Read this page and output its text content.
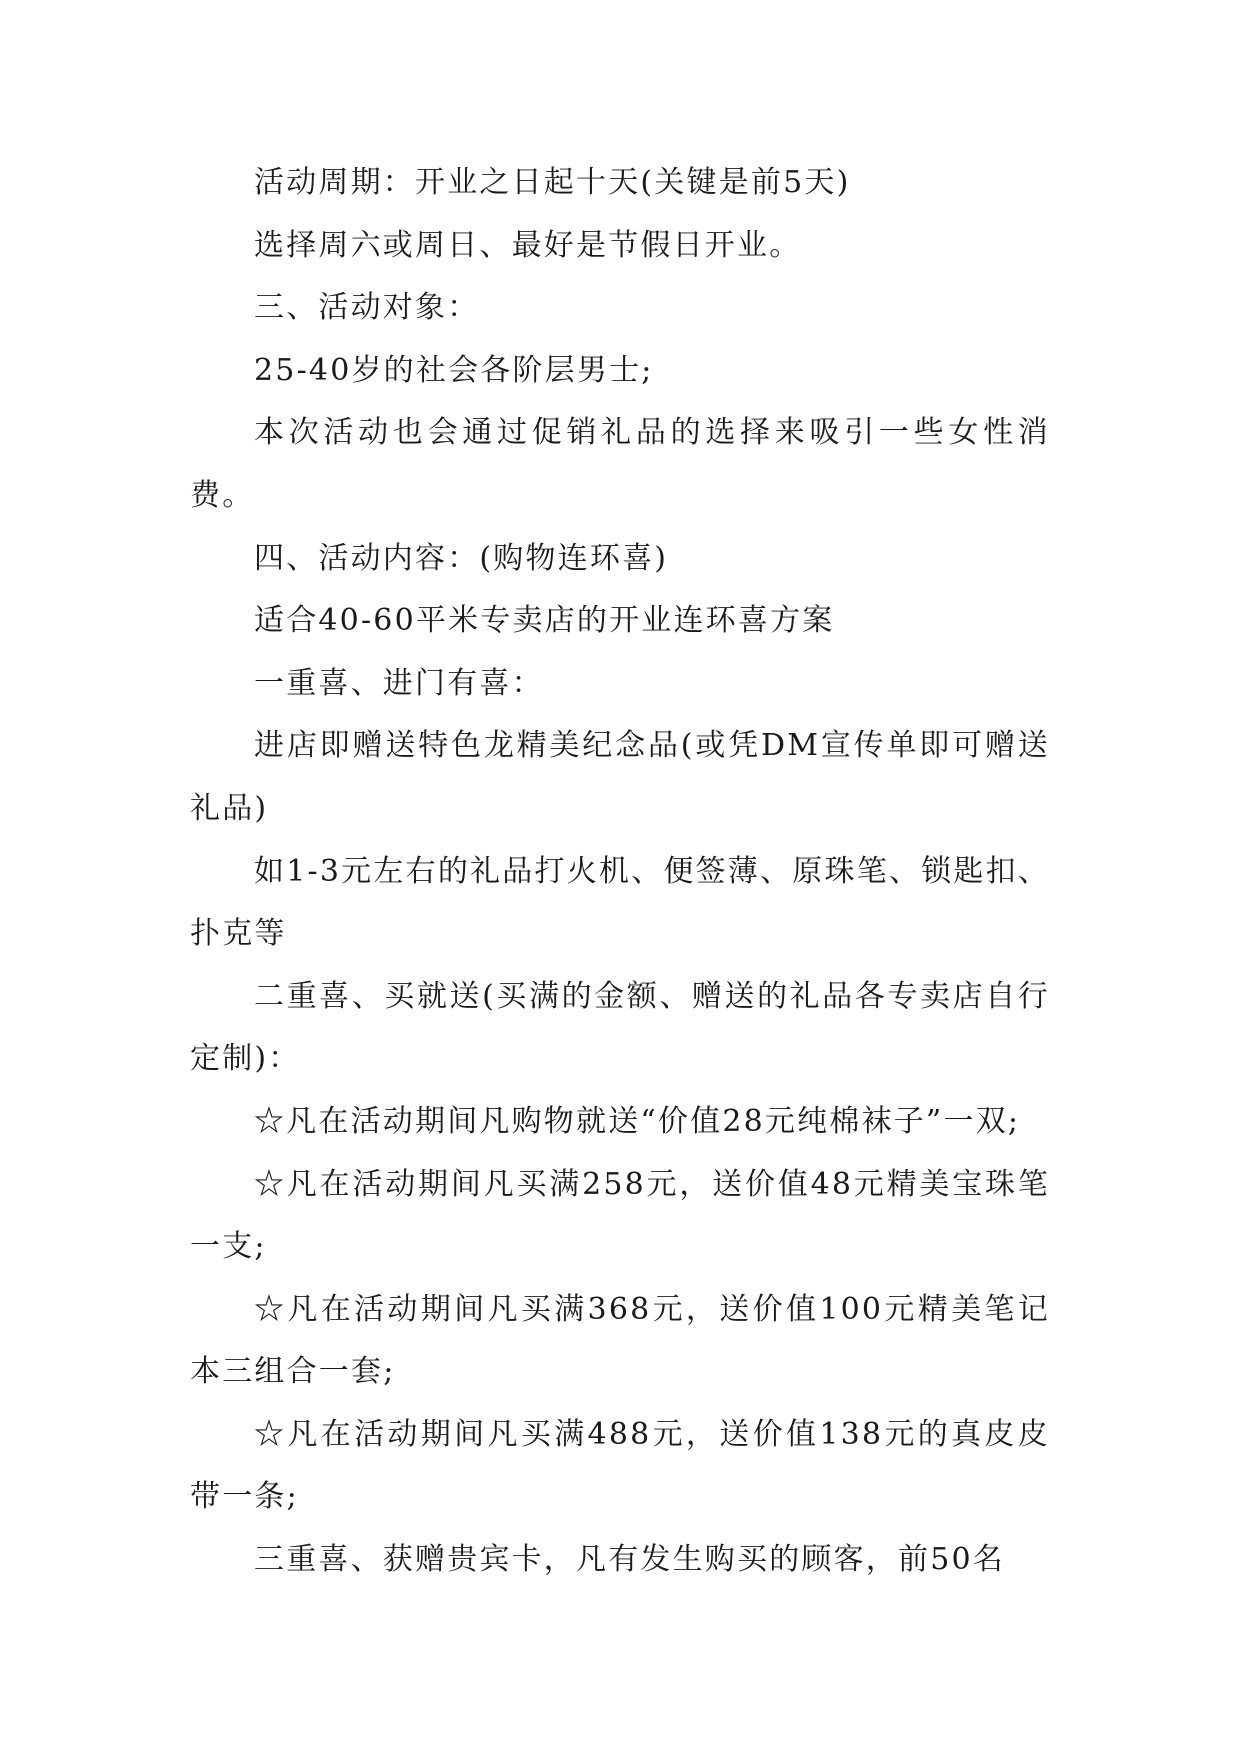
活动周期：开业之日起十天(关键是前5天)

选择周六或周日、最好是节假日开业。

三、活动对象：

25-40岁的社会各阶层男士;

本次活动也会通过促销礼品的选择来吸引一些女性消费。

四、活动内容：(购物连环喜)

适合40-60平米专卖店的开业连环喜方案

一重喜、进门有喜：

进店即赠送特色龙精美纪念品(或凭DM宣传单即可赠送礼品)

如1-3元左右的礼品打火机、便签薄、原珠笔、锁匙扣、扑克等

二重喜、买就送(买满的金额、赠送的礼品各专卖店自行定制)：

☆凡在活动期间凡购物就送“价值28元纯棉袜子”一双;

☆凡在活动期间凡买满258元，送价值48元精美宝珠笔一支;

☆凡在活动期间凡买满368元，送价值100元精美笔记本三组合一套;

☆凡在活动期间凡买满488元，送价值138元的真皮皮带一条;

三重喜、获赠贵宾卡，凡有发生购买的顾客，前50名
